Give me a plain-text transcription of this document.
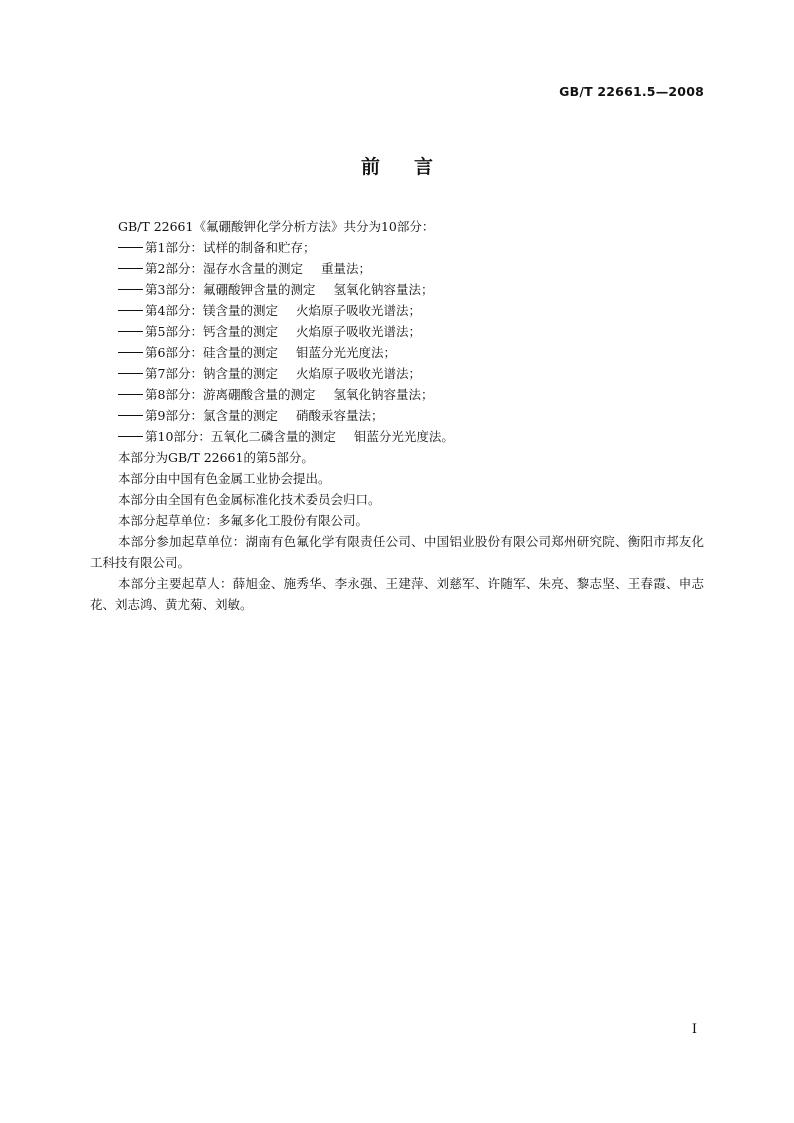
GB/T 22661.5—2008
前言

GB/T 22661《氟硼酸钾化学分析方法》共分为10部分：

第1部分：试样的制备和贮存；

第2部分：湿存水含量的测定 重量法；

第3部分：氟硼酸钾含量的测定 氢氧化钠容量法；

第4部分：镁含量的测定 火焰原子吸收光谱法；

第5部分：钙含量的测定 火焰原子吸收光谱法；

第6部分：硅含量的测定 钼蓝分光光度法；

第7部分：钠含量的测定 火焰原子吸收光谱法；

第8部分：游离硼酸含量的测定 氢氧化钠容量法；

第9部分：氯含量的测定 硝酸汞容量法；

第10部分：五氧化二磷含量的测定 钼蓝分光光度法。

本部分为GB/T 22661的第5部分。

本部分由中国有色金属工业协会提出。

本部分由全国有色金属标准化技术委员会归口。

本部分起草单位：多氟多化工股份有限公司。

本部分参加起草单位：湖南有色氟化学有限责任公司、中国铝业股份有限公司郑州研究院、衡阳市邦友化工科技有限公司。

本部分主要起草人：薛旭金、施秀华、李永强、王建萍、刘慈军、许随军、朱亮、黎志坚、王春霞、申志花、刘志鸿、黄尤菊、刘敏。

I
